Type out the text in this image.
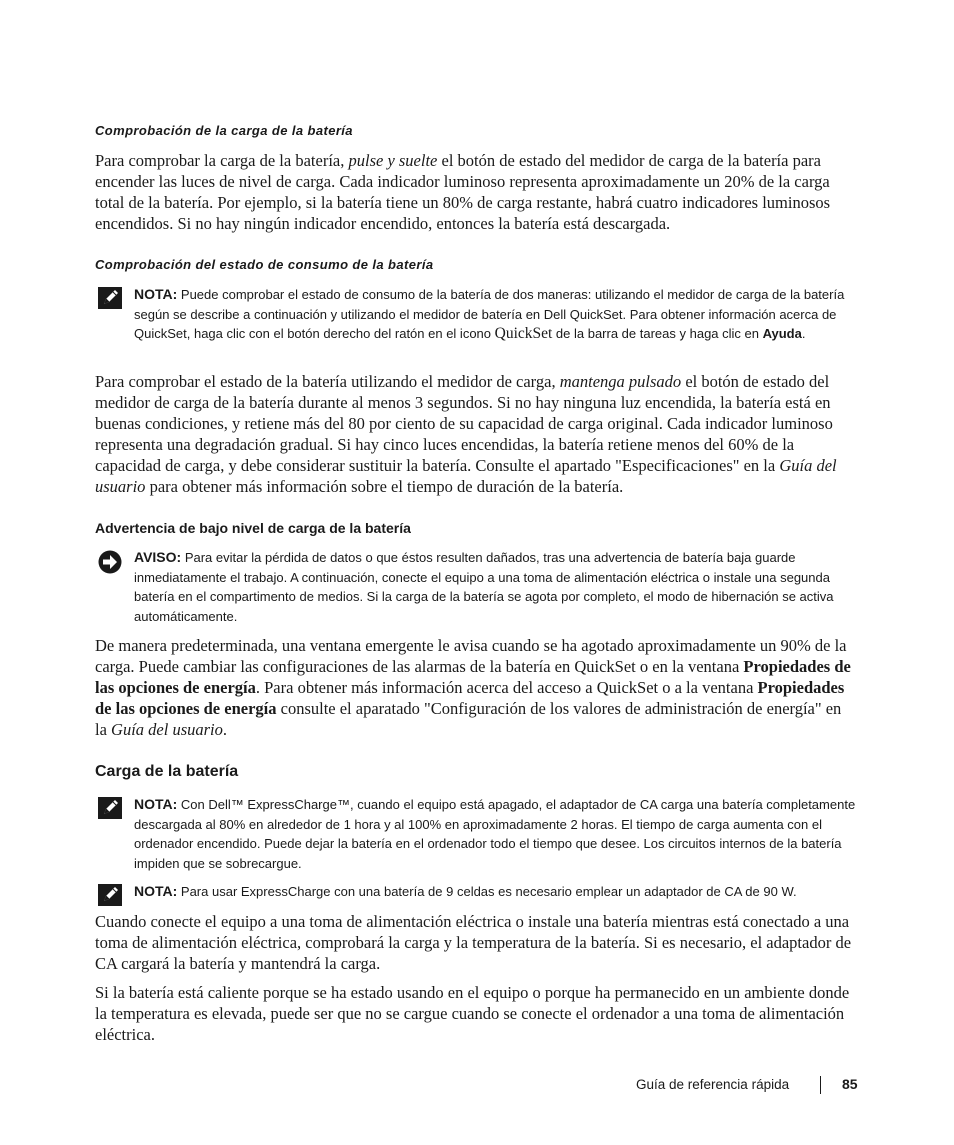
Comprobación de la carga de la batería
Para comprobar la carga de la batería, pulse y suelte el botón de estado del medidor de carga de la batería para encender las luces de nivel de carga. Cada indicador luminoso representa aproximadamente un 20% de la carga total de la batería. Por ejemplo, si la batería tiene un 80% de carga restante, habrá cuatro indicadores luminosos encendidos. Si no hay ningún indicador encendido, entonces la batería está descargada.
Comprobación del estado de consumo de la batería
NOTA: Puede comprobar el estado de consumo de la batería de dos maneras: utilizando el medidor de carga de la batería según se describe a continuación y utilizando el medidor de batería en Dell QuickSet. Para obtener información acerca de QuickSet, haga clic con el botón derecho del ratón en el icono QuickSet de la barra de tareas y haga clic en Ayuda.
Para comprobar el estado de la batería utilizando el medidor de carga, mantenga pulsado el botón de estado del medidor de carga de la batería durante al menos 3 segundos. Si no hay ninguna luz encendida, la batería está en buenas condiciones, y retiene más del 80 por ciento de su capacidad de carga original. Cada indicador luminoso representa una degradación gradual. Si hay cinco luces encendidas, la batería retiene menos del 60% de la capacidad de carga, y debe considerar sustituir la batería. Consulte el apartado "Especificaciones" en la Guía del usuario para obtener más información sobre el tiempo de duración de la batería.
Advertencia de bajo nivel de carga de la batería
AVISO: Para evitar la pérdida de datos o que éstos resulten dañados, tras una advertencia de batería baja guarde inmediatamente el trabajo. A continuación, conecte el equipo a una toma de alimentación eléctrica o instale una segunda batería en el compartimento de medios. Si la carga de la batería se agota por completo, el modo de hibernación se activa automáticamente.
De manera predeterminada, una ventana emergente le avisa cuando se ha agotado aproximadamente un 90% de la carga. Puede cambiar las configuraciones de las alarmas de la batería en QuickSet o en la ventana Propiedades de las opciones de energía. Para obtener más información acerca del acceso a QuickSet o a la ventana Propiedades de las opciones de energía consulte el aparatado "Configuración de los valores de administración de energía" en la Guía del usuario.
Carga de la batería
NOTA: Con Dell™ ExpressCharge™, cuando el equipo está apagado, el adaptador de CA carga una batería completamente descargada al 80% en alrededor de 1 hora y al 100% en aproximadamente 2 horas. El tiempo de carga aumenta con el ordenador encendido. Puede dejar la batería en el ordenador todo el tiempo que desee. Los circuitos internos de la batería impiden que se sobrecargue.
NOTA: Para usar ExpressCharge con una batería de 9 celdas es necesario emplear un adaptador de CA de 90 W.
Cuando conecte el equipo a una toma de alimentación eléctrica o instale una batería mientras está conectado a una toma de alimentación eléctrica, comprobará la carga y la temperatura de la batería. Si es necesario, el adaptador de CA cargará la batería y mantendrá la carga.
Si la batería está caliente porque se ha estado usando en el equipo o porque ha permanecido en un ambiente donde la temperatura es elevada, puede ser que no se cargue cuando se conecte el ordenador a una toma de alimentación eléctrica.
Guía de referencia rápida	85
